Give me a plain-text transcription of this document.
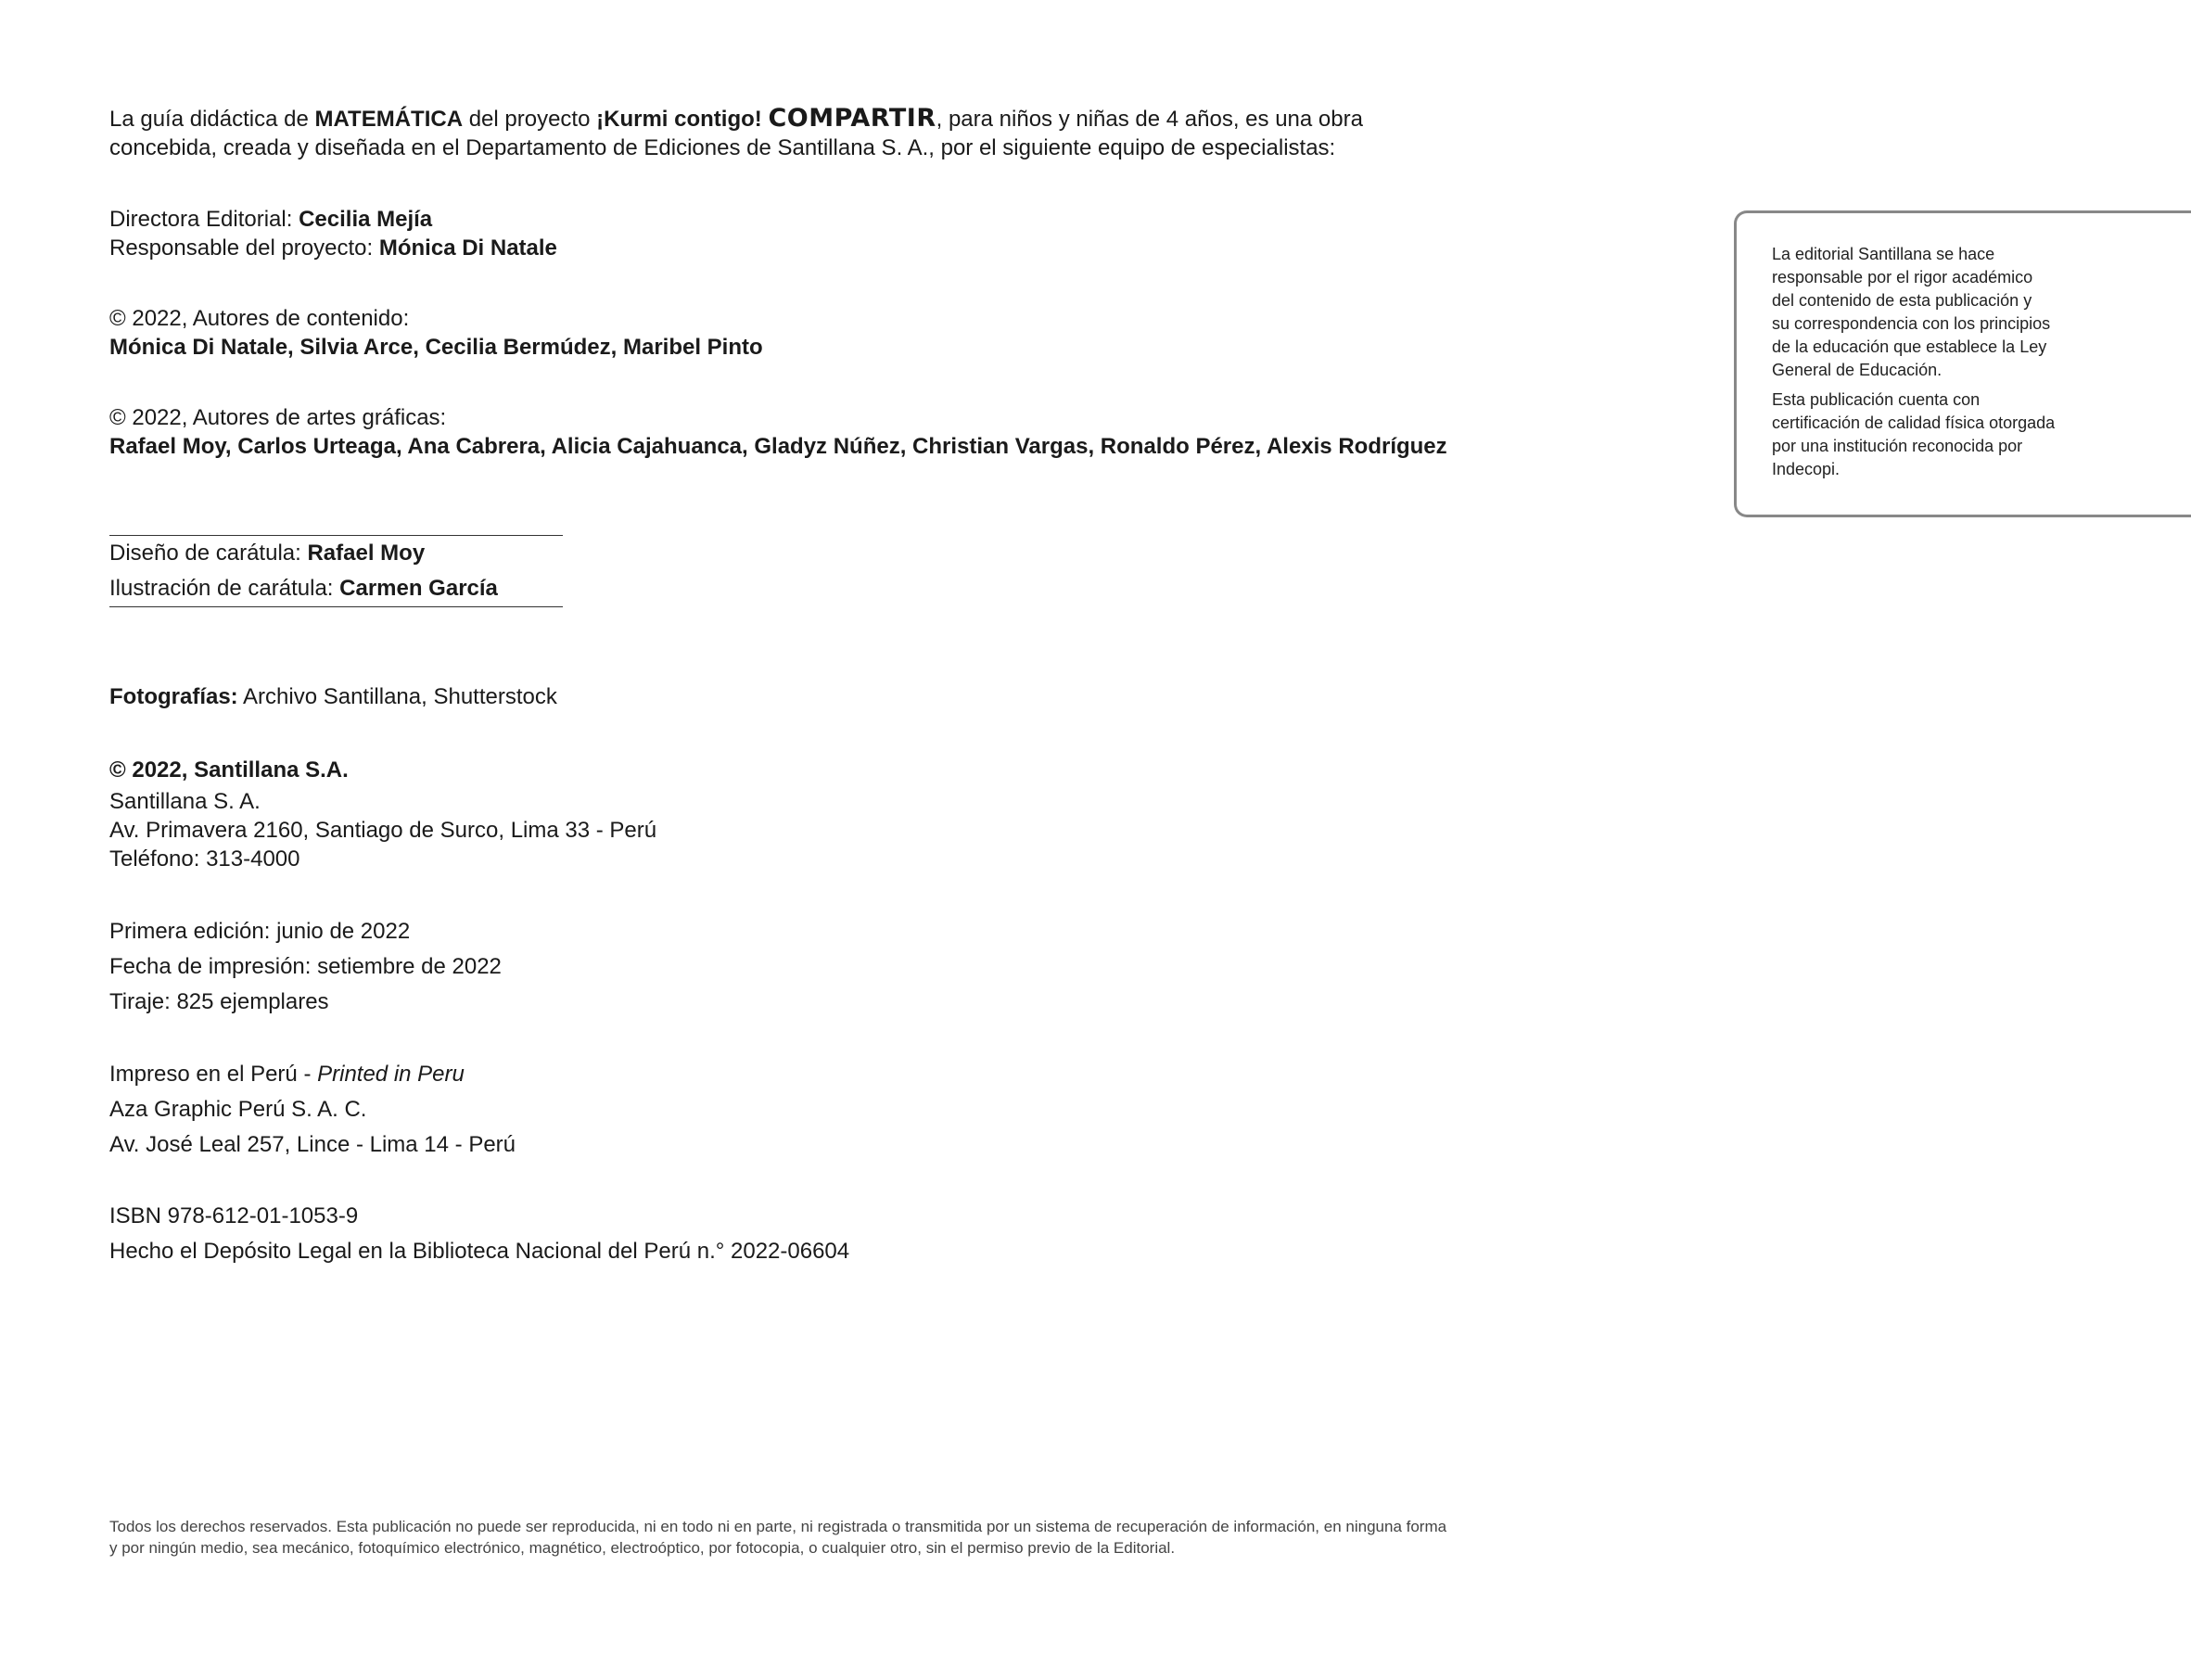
La guía didáctica de MATEMÁTICA del proyecto ¡Kurmi contigo! COMPARTIR, para niños y niñas de 4 años, es una obra
concebida, creada y diseñada en el Departamento de Ediciones de Santillana S. A., por el siguiente equipo de especialistas:
Directora Editorial: Cecilia Mejía
Responsable del proyecto: Mónica Di Natale
© 2022, Autores de contenido:
Mónica Di Natale, Silvia Arce, Cecilia Bermúdez, Maribel Pinto
© 2022, Autores de artes gráficas:
Rafael Moy, Carlos Urteaga, Ana Cabrera, Alicia Cajahuanca, Gladyz Núñez, Christian Vargas, Ronaldo Pérez, Alexis Rodríguez
Diseño de carátula: Rafael Moy
Ilustración de carátula: Carmen García
Fotografías: Archivo Santillana, Shutterstock
© 2022, Santillana S.A.
Santillana S. A.
Av. Primavera 2160, Santiago de Surco, Lima 33 - Perú
Teléfono: 313-4000
Primera edición: junio de 2022
Fecha de impresión: setiembre de 2022
Tiraje: 825 ejemplares
Impreso en el Perú - Printed in Peru
Aza Graphic Perú S. A. C.
Av. José Leal 257, Lince - Lima 14 - Perú
ISBN 978-612-01-1053-9
Hecho el Depósito Legal en la Biblioteca Nacional del Perú n.° 2022-06604

La editorial Santillana se hace
responsable por el rigor académico
del contenido de esta publicación y
su correspondencia con los principios
de la educación que establece la Ley
General de Educación.

Esta publicación cuenta con
certificación de calidad física otorgada
por una institución reconocida por
Indecopi.

Todos los derechos reservados. Esta publicación no puede ser reproducida, ni en todo ni en parte, ni registrada o transmitida por un sistema de recuperación de información, en ninguna forma
y por ningún medio, sea mecánico, fotoquímico electrónico, magnético, electroóptico, por fotocopia, o cualquier otro, sin el permiso previo de la Editorial.
